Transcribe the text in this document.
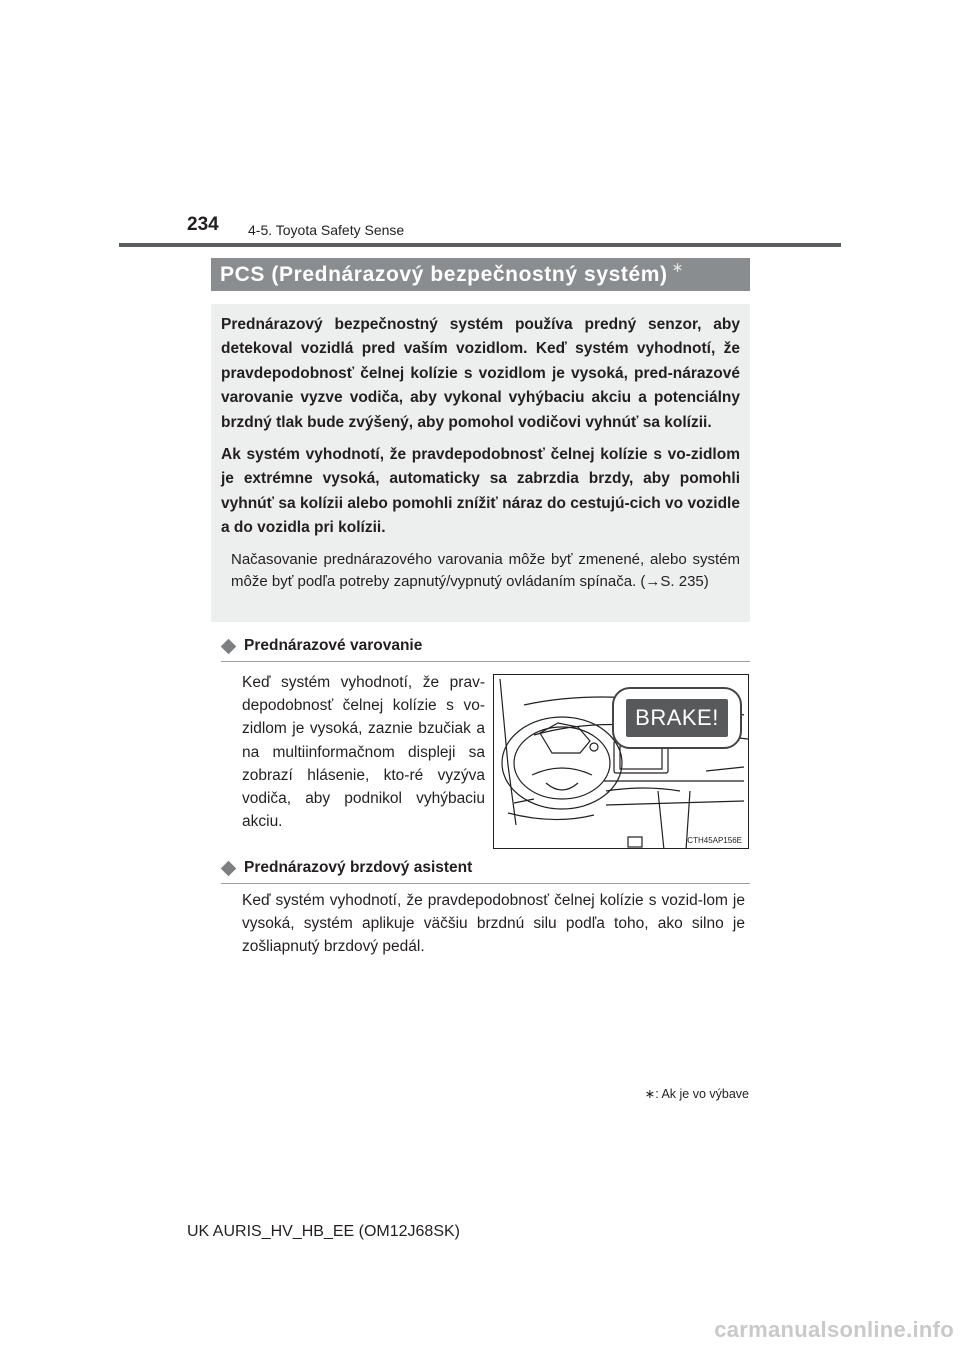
234 4-5. Toyota Safety Sense
PCS (Prednárazový bezpečnostný systém) ∗

Prednárazový bezpečnostný systém používa predný senzor, aby detekoval vozidlá pred vaším vozidlom. Keď systém vyhodnotí, že pravdepodobnosť čelnej kolízie s vozidlom je vysoká, pred-nárazové varovanie vyzve vodiča, aby vykonal vyhýbaciu akciu a potenciálny brzdný tlak bude zvýšený, aby pomohol vodičovi vyhnúť sa kolízii.

Ak systém vyhodnotí, že pravdepodobnosť čelnej kolízie s vo-zidlom je extrémne vysoká, automaticky sa zabrzdia brzdy, aby pomohli vyhnúť sa kolízii alebo pomohli znížiť náraz do cestujú-cich vo vozidle a do vozidla pri kolízii.

Načasovanie prednárazového varovania môže byť zmenené, alebo systém môže byť podľa potreby zapnutý/vypnutý ovládaním spínača. (→S. 235)

Prednárazové varovanie
Keď systém vyhodnotí, že prav-depodobnosť čelnej kolízie s vo-zidlom je vysoká, zaznie bzučiak a na multiinformačnom displeji sa zobrazí hlásenie, kto-ré vyzýva vodiča, aby podnikol vyhýbaciu akciu.
BRAKE!
CTH45AP156E
Prednárazový brzdový asistent
Keď systém vyhodnotí, že pravdepodobnosť čelnej kolízie s vozid-lom je vysoká, systém aplikuje väčšiu brzdnú silu podľa toho, ako silno je zošliapnutý brzdový pedál.
∗: Ak je vo výbave
UK AURIS_HV_HB_EE (OM12J68SK)
carmanualsonline.info
